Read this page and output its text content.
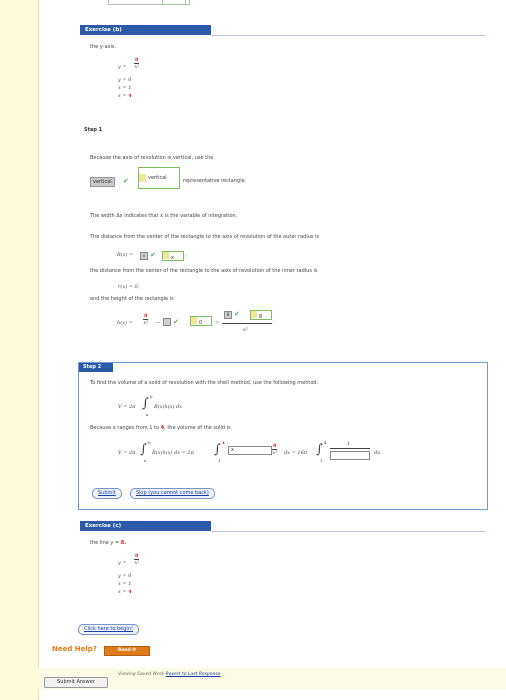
Exercise (b)
the y-axis.
y =
8
x²
y = 0
x = 1
x = 4
Step 1
Because the axis of revolution is vertical, use the
vertical	✔	vertical	representative rectangle.
The width Δx indicates that x is the variable of integration.
The distance from the center of the rectangle to the axis of revolution of the outer radius is
R(x) =	x ✔	x	,
the distance from the center of the rectangle to the axis of revolution of the inner radius is
r(x) = 0,
and the height of the rectangle is
h(x) =
8
x² − ✔	0	=
8 ✔	8
x²
.
Step 2
To find the volume of a solid of revolution with the shell method, use the following method.
V = 2π ∫ b
a
R(x)h(x) dx
Because x ranges from 1 to 4, the volume of the solid is
V = 2π ∫ b
a
R(x)h(x) dx = 2π ∫ 4
1
x
8
x² dx = 16π ∫ 4
1
1
dx.
Submit	Skip (you cannot come back)
Exercise (c)
the line y = 8.
y =
8
x²
y = 0
x = 1
x = 4
Click here to begin!
Need Help?	Read It
Submit Answer
Viewing Saved Work Revert to Last Response
